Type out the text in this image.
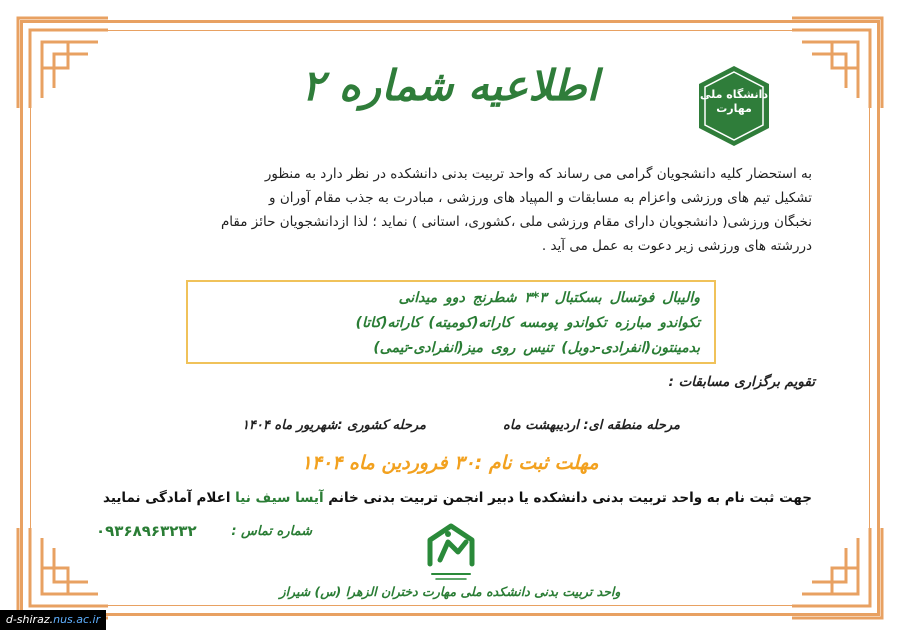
اطلاعیه شماره ۲	دانشگاه ملی مهارت

به استحضار کلیه دانشجویان گرامی می رساند که واحد تربیت بدنی دانشکده در نظر دارد به منظور

تشکیل تیم های ورزشی واعزام به مسابقات و المپیاد های ورزشی ، مبادرت به جذب مقام آوران و

نخبگان ورزشی( دانشجویان دارای مقام ورزشی ملی ،کشوری، استانی ) نماید ؛ لذا ازدانشجویان حائز مقام

دررشته های ورزشی زیر دعوت به عمل می آید .

والیبال فوتسال بسکتبال ۳*۳ شطرنج دوو میدانی
تکواندو مبارزه تکواندو پومسه کاراته(کومیته) کاراته(کاتا)
بدمینتون(انفرادی-دوبل) تنیس روی میز(انفرادی-تیمی)
تقویم برگزاری مسابقات :
مرحله منطقه ای: اردیبهشت ماه
مرحله کشوری :شهریور ماه ۱۴۰۴
مهلت ثبت نام :۳۰ فروردین ماه ۱۴۰۴
جهت ثبت نام به واحد تربیت بدنی دانشکده یا دبیر انجمن تربیت بدنی خانم آیسا سیف نیا اعلام آمادگی نمایید
شماره تماس :
۰۹۳۶۸۹۶۳۲۳۲
واحد تربیت بدنی دانشکده ملی مهارت دختران الزهرا (س) شیراز
d-shiraz.nus.ac.ir
